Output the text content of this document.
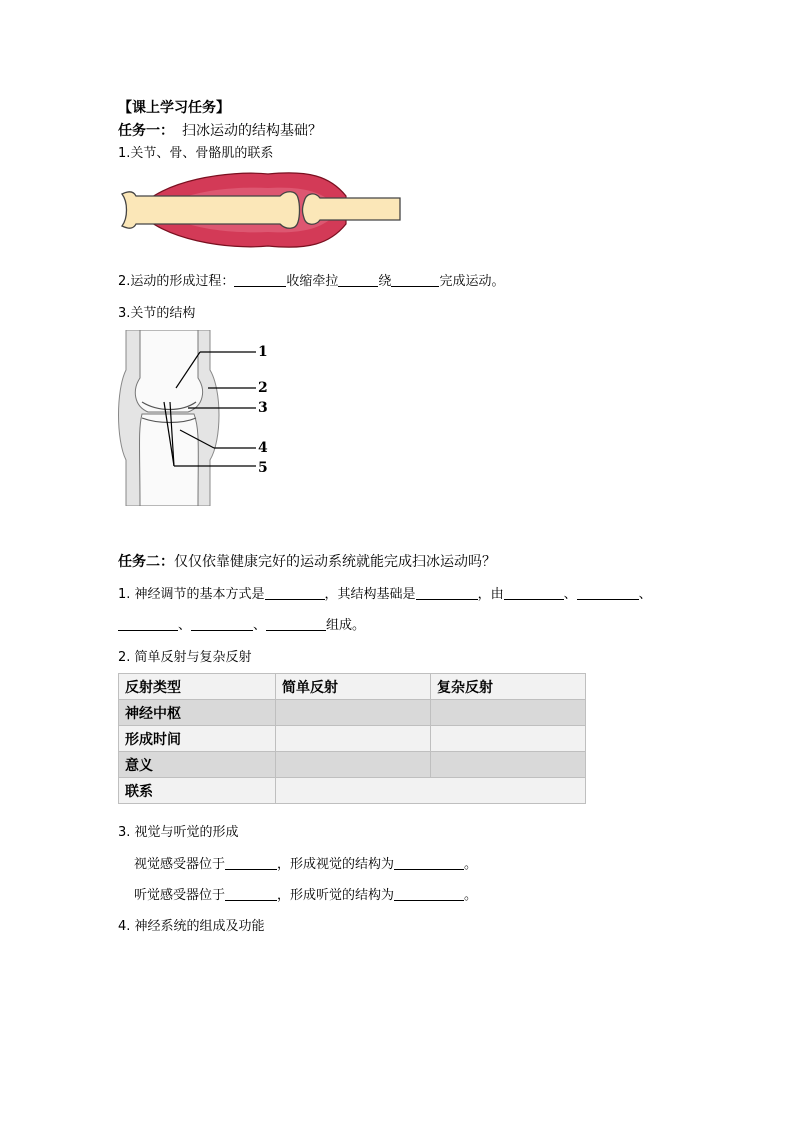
【课上学习任务】
任务一： 扫冰运动的结构基础？
1.关节、骨、骨骼肌的联系
2.运动的形成过程：	收缩牵拉	绕	完成运动。
3.关节的结构
1
2
3
4
5
任务二：仅仅依靠健康完好的运动系统就能完成扫冰运动吗？
1. 神经调节的基本方式是	，其结构基础是	，由	、	、
、	、	组成。
2. 简单反射与复杂反射
反射类型	简单反射	复杂反射
神经中枢		
形成时间		
意义		
联系		
3. 视觉与听觉的形成
视觉感受器位于	，形成视觉的结构为	。
听觉感受器位于	，形成听觉的结构为	。
4. 神经系统的组成及功能
